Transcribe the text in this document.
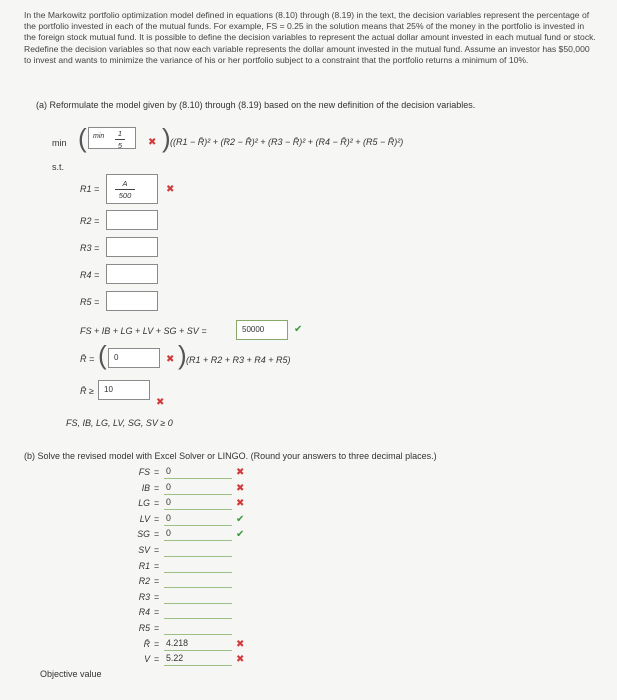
In the Markowitz portfolio optimization model defined in equations (8.10) through (8.19) in the text, the decision variables represent the percentage of the portfolio invested in each of the mutual funds. For example, FS = 0.25 in the solution means that 25% of the money in the portfolio is invested in the foreign stock mutual fund. It is possible to define the decision variables to represent the actual dollar amount invested in each mutual fund or stock. Redefine the decision variables so that now each variable represents the dollar amount invested in the mutual fund. Assume an investor has $50,000 to invest and wants to minimize the variance of his or her portfolio subject to a constraint that the portfolio returns a minimum of 10%.
(a) Reformulate the model given by (8.10) through (8.19) based on the new definition of the decision variables.
min ( min	1
5	✖ ) ((R1 − R̄)² + (R2 − R̄)² + (R3 − R̄)² + (R4 − R̄)² + (R5 − R̄)²)
s.t.
R1 =
A
500
✖
R2 =
R3 =
R4 =
R5 =
FS + IB + LG + LV + SG + SV =	50000	✔
R̄ = ( 0	✖ ) (R1 + R2 + R3 + R4 + R5)
R̄ ≥	10
✖
FS, IB, LG, LV, SG, SV ≥ 0
(b) Solve the revised model with Excel Solver or LINGO. (Round your answers to three decimal places.)
FS = 0	✖
IB = 0	✖
LG = 0	✖
LV = 0	✔
SG = 0	✔
SV =
R1 =
R2 =
R3 =
R4 =
R5 =
R̄ = 4.218	✖
V = 5.22	✖
Objective value
